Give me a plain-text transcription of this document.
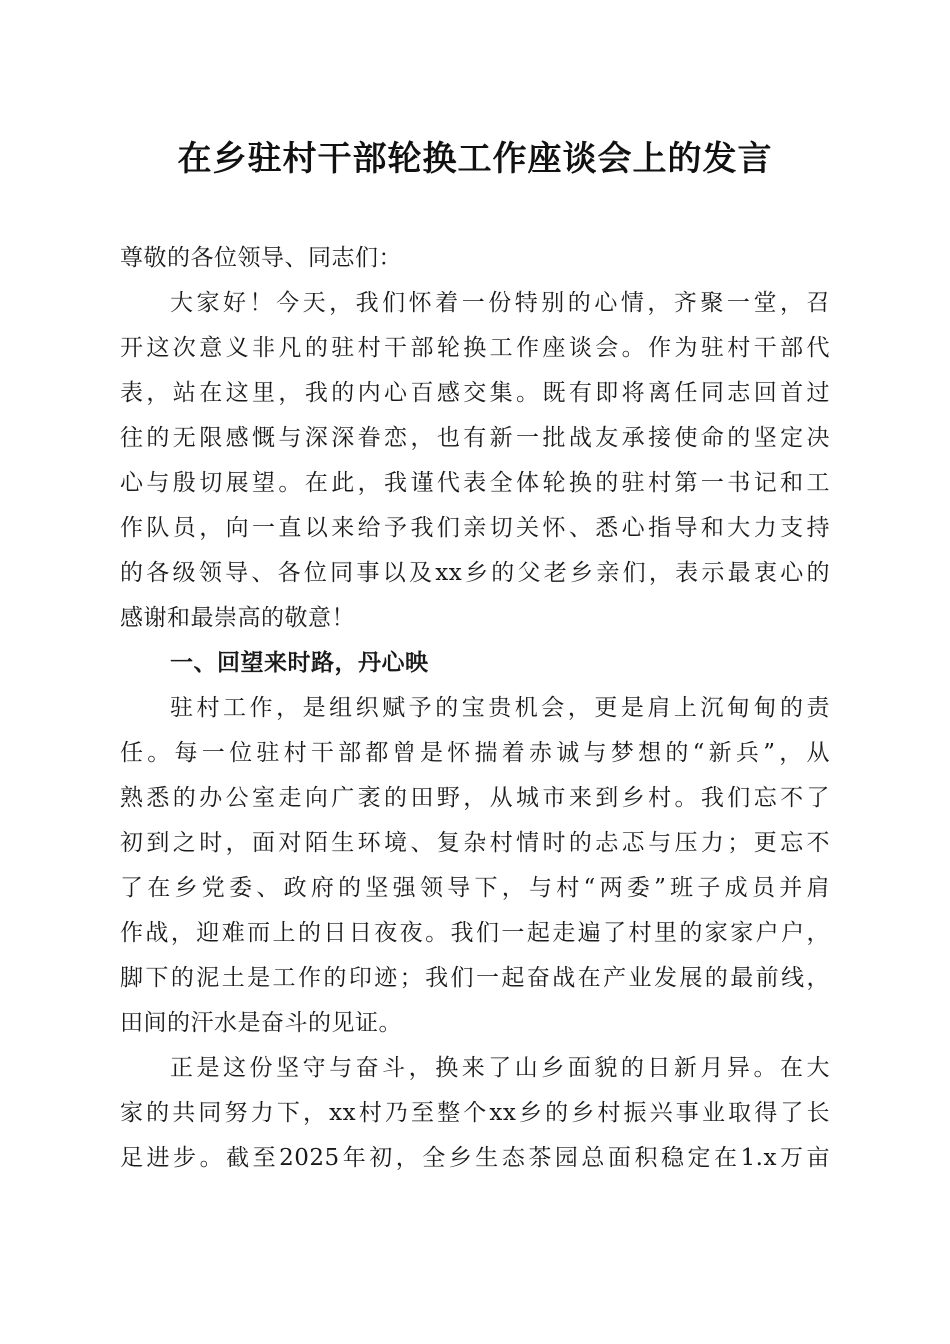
在乡驻村干部轮换工作座谈会上的发言
尊敬的各位领导、同志们：
大家好！今天，我们怀着一份特别的心情，齐聚一堂，召
开这次意义非凡的驻村干部轮换工作座谈会。作为驻村干部代
表，站在这里，我的内心百感交集。既有即将离任同志回首过
往的无限感慨与深深眷恋，也有新一批战友承接使命的坚定决
心与殷切展望。在此，我谨代表全体轮换的驻村第一书记和工
作队员，向一直以来给予我们亲切关怀、悉心指导和大力支持
的各级领导、各位同事以及xx乡的父老乡亲们，表示最衷心的
感谢和最崇高的敬意！
一、回望来时路，丹心映
驻村工作，是组织赋予的宝贵机会，更是肩上沉甸甸的责
任。每一位驻村干部都曾是怀揣着赤诚与梦想的“新兵”，从
熟悉的办公室走向广袤的田野，从城市来到乡村。我们忘不了
初到之时，面对陌生环境、复杂村情时的忐忑与压力；更忘不
了在乡党委、政府的坚强领导下，与村“两委”班子成员并肩
作战，迎难而上的日日夜夜。我们一起走遍了村里的家家户户，
脚下的泥土是工作的印迹；我们一起奋战在产业发展的最前线，
田间的汗水是奋斗的见证。
正是这份坚守与奋斗，换来了山乡面貌的日新月异。在大
家的共同努力下，xx村乃至整个xx乡的乡村振兴事业取得了长
足进步。截至2025年初，全乡生态茶园总面积稳定在1.x万亩
